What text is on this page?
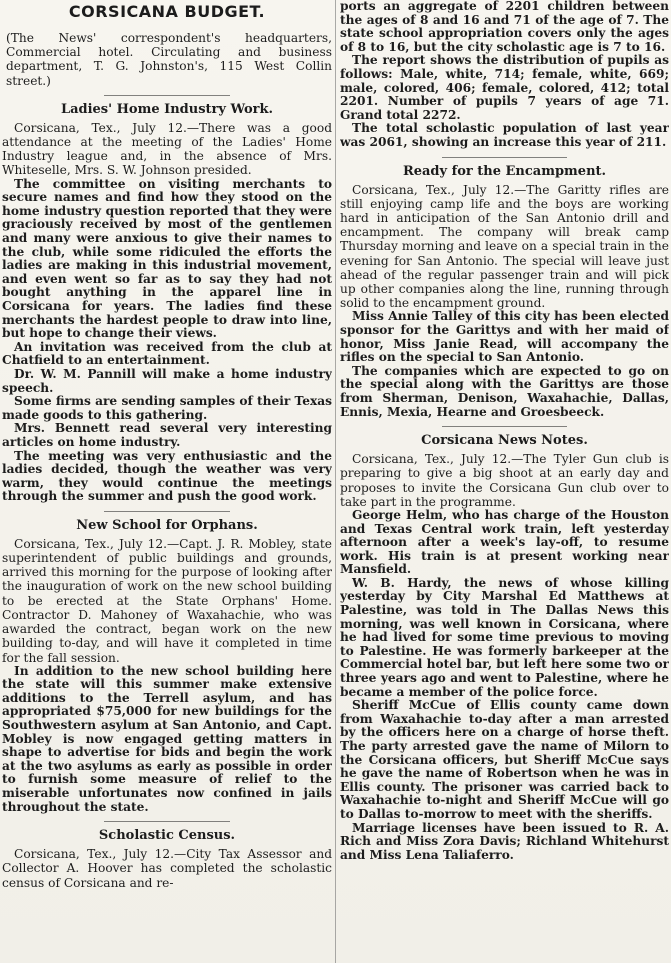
CORSICANA BUDGET.

(The News' correspondent's headquarters, Commercial hotel. Circulating and business department, T. G. Johnston's, 115 West Collin street.)

Ladies' Home Industry Work.

Corsicana, Tex., July 12.—There was a good attendance at the meeting of the Ladies' Home Industry league and, in the absence of Mrs. Whiteselle, Mrs. S. W. Johnson presided.

The committee on visiting merchants to secure names and find how they stood on the home industry question reported that they were graciously received by most of the gentlemen and many were anxious to give their names to the club, while some ridiculed the efforts the ladies are making in this industrial movement, and even went so far as to say they had not bought anything in the apparel line in Corsicana for years. The ladies find these merchants the hardest people to draw into line, but hope to change their views.

An invitation was received from the club at Chatfield to an entertainment.

Dr. W. M. Pannill will make a home industry speech.

Some firms are sending samples of their Texas made goods to this gathering.

Mrs. Bennett read several very interesting articles on home industry.

The meeting was very enthusiastic and the ladies decided, though the weather was very warm, they would continue the meetings through the summer and push the good work.

New School for Orphans.

Corsicana, Tex., July 12.—Capt. J. R. Mobley, state superintendent of public buildings and grounds, arrived this morning for the purpose of looking after the inauguration of work on the new school building to be erected at the State Orphans' Home. Contractor D. Mahoney of Waxahachie, who was awarded the contract, began work on the new building to-day, and will have it completed in time for the fall session.

In addition to the new school building here the state will this summer make extensive additions to the Terrell asylum, and has appropriated $75,000 for new buildings for the Southwestern asylum at San Antonio, and Capt. Mobley is now engaged getting matters in shape to advertise for bids and begin the work at the two asylums as early as possible in order to furnish some measure of relief to the miserable unfortunates now confined in jails throughout the state.

Scholastic Census.

Corsicana, Tex., July 12.—City Tax Assessor and Collector A. Hoover has completed the scholastic census of Corsicana and re-

ports an aggregate of 2201 children between the ages of 8 and 16 and 71 of the age of 7. The state school appropriation covers only the ages of 8 to 16, but the city scholastic age is 7 to 16.

The report shows the distribution of pupils as follows: Male, white, 714; female, white, 669; male, colored, 406; female, colored, 412; total 2201. Number of pupils 7 years of age 71. Grand total 2272.

The total scholastic population of last year was 2061, showing an increase this year of 211.

Ready for the Encampment.

Corsicana, Tex., July 12.—The Garitty rifles are still enjoying camp life and the boys are working hard in anticipation of the San Antonio drill and encampment. The company will break camp Thursday morning and leave on a special train in the evening for San Antonio. The special will leave just ahead of the regular passenger train and will pick up other companies along the line, running through solid to the encampment ground.

Miss Annie Talley of this city has been elected sponsor for the Garittys and with her maid of honor, Miss Janie Read, will accompany the rifles on the special to San Antonio.

The companies which are expected to go on the special along with the Garittys are those from Sherman, Denison, Waxahachie, Dallas, Ennis, Mexia, Hearne and Groesbeeck.

Corsicana News Notes.

Corsicana, Tex., July 12.—The Tyler Gun club is preparing to give a big shoot at an early day and proposes to invite the Corsicana Gun club over to take part in the programme.

George Helm, who has charge of the Houston and Texas Central work train, left yesterday afternoon after a week's lay-off, to resume work. His train is at present working near Mansfield.

W. B. Hardy, the news of whose killing yesterday by City Marshal Ed Matthews at Palestine, was told in The Dallas News this morning, was well known in Corsicana, where he had lived for some time previous to moving to Palestine. He was formerly barkeeper at the Commercial hotel bar, but left here some two or three years ago and went to Palestine, where he became a member of the police force.

Sheriff McCue of Ellis county came down from Waxahachie to-day after a man arrested by the officers here on a charge of horse theft. The party arrested gave the name of Milorn to the Corsicana officers, but Sheriff McCue says he gave the name of Robertson when he was in Ellis county. The prisoner was carried back to Waxahachie to-night and Sheriff McCue will go to Dallas to-morrow to meet with the sheriffs.

Marriage licenses have been issued to R. A. Rich and Miss Zora Davis; Richland Whitehurst and Miss Lena Taliaferro.
